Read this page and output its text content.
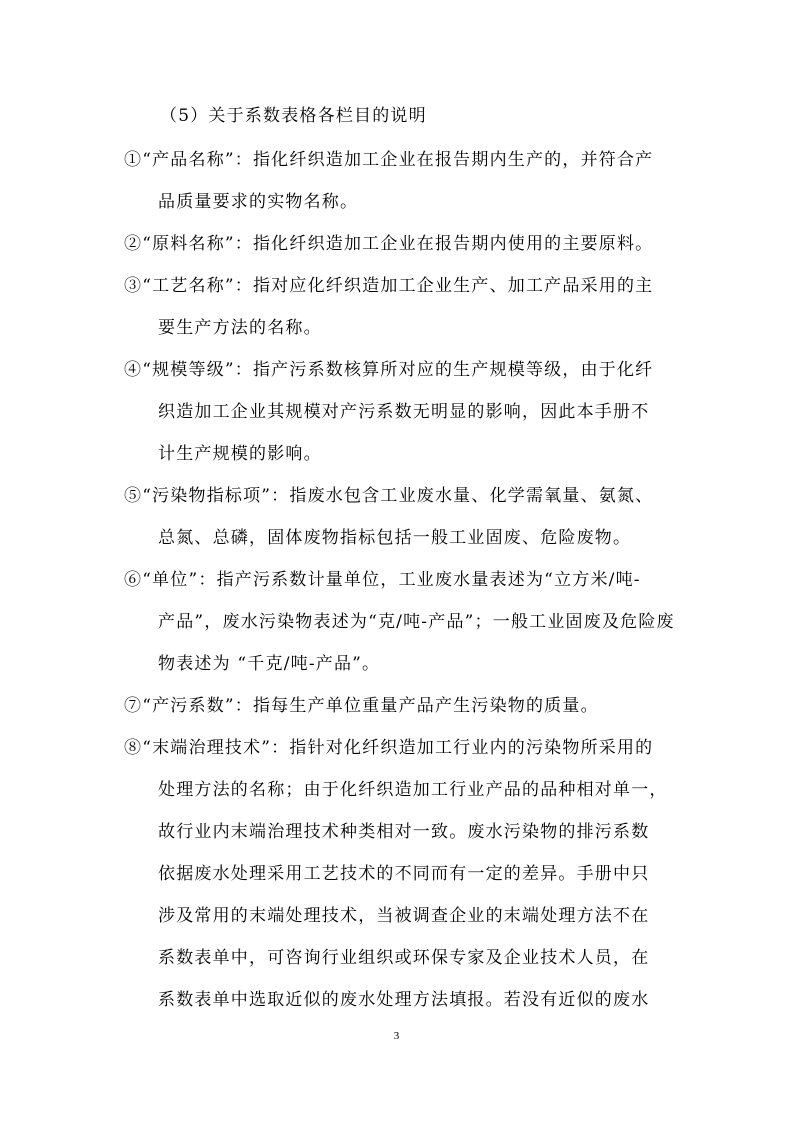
（5）关于系数表格各栏目的说明
①“产品名称”：指化纤织造加工企业在报告期内生产的，并符合产
品质量要求的实物名称。
②“原料名称”：指化纤织造加工企业在报告期内使用的主要原料。
③“工艺名称”：指对应化纤织造加工企业生产、加工产品采用的主
要生产方法的名称。
④“规模等级”：指产污系数核算所对应的生产规模等级，由于化纤
织造加工企业其规模对产污系数无明显的影响，因此本手册不
计生产规模的影响。
⑤“污染物指标项”：指废水包含工业废水量、化学需氧量、氨氮、
总氮、总磷，固体废物指标包括一般工业固废、危险废物。
⑥“单位”：指产污系数计量单位，工业废水量表述为“立方米/吨-
产品”，废水污染物表述为“克/吨-产品”；一般工业固废及危险废
物表述为 “千克/吨-产品”。
⑦“产污系数”：指每生产单位重量产品产生污染物的质量。
⑧“末端治理技术”：指针对化纤织造加工行业内的污染物所采用的
处理方法的名称；由于化纤织造加工行业产品的品种相对单一，
故行业内末端治理技术种类相对一致。废水污染物的排污系数
依据废水处理采用工艺技术的不同而有一定的差异。手册中只
涉及常用的末端处理技术，当被调查企业的末端处理方法不在
系数表单中，可咨询行业组织或环保专家及企业技术人员，在
系数表单中选取近似的废水处理方法填报。若没有近似的废水
3
